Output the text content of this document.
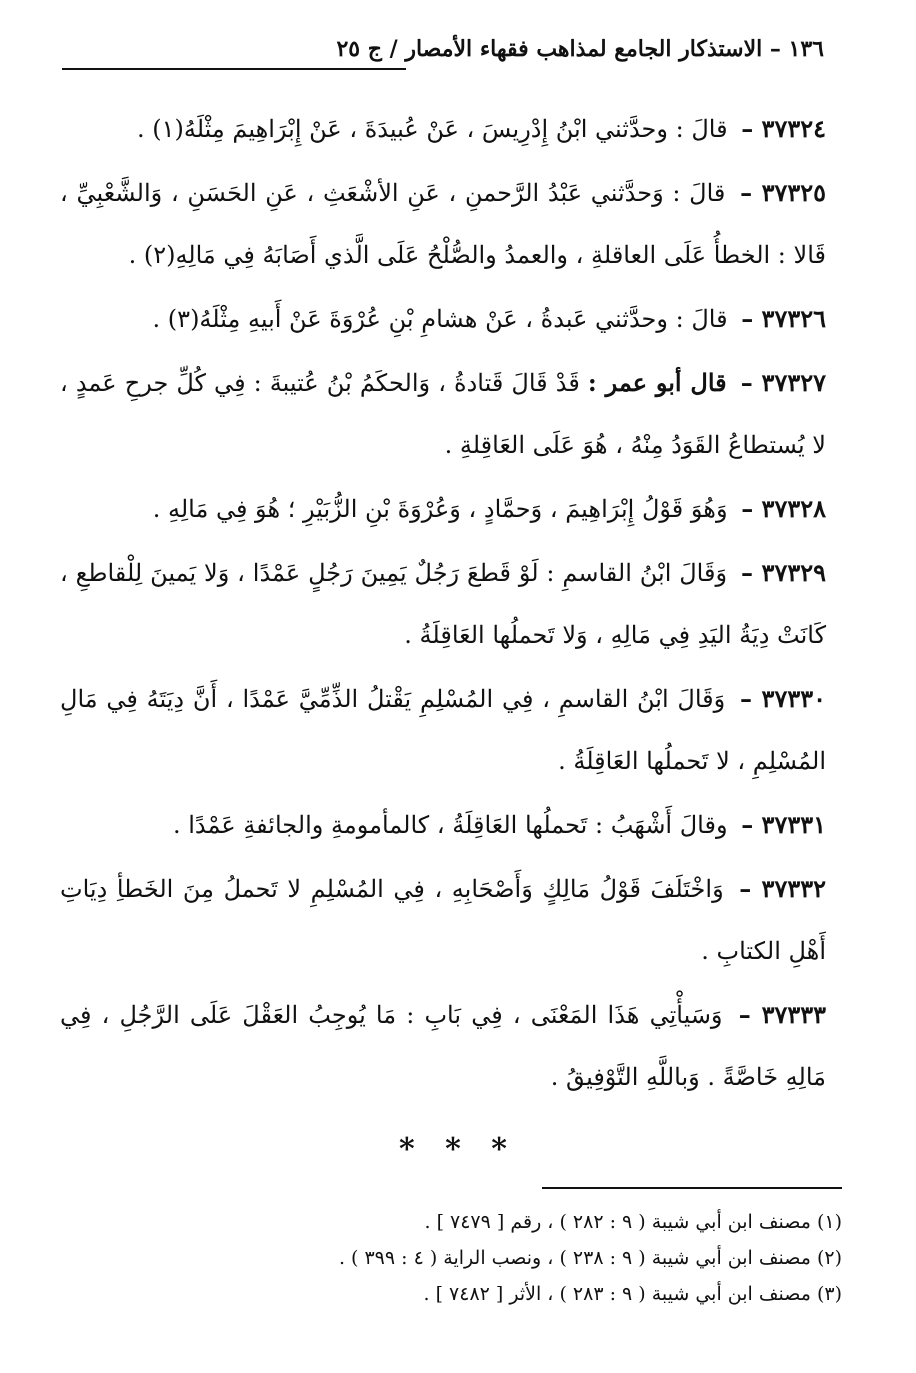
١٣٦ – الاستذكار الجامع لمذاهب فقهاء الأمصار / ج ٢٥

٣٧٣٢٤ – قالَ : وحدَّثني ابْنُ إِدْرِيسَ ، عَنْ عُبيدَةَ ، عَنْ إِبْرَاهِيمَ مِثْلَهُ(١) .

٣٧٣٢٥ – قالَ : وَحدَّثني عَبْدُ الرَّحمنِ ، عَنِ الأشْعَثِ ، عَنِ الحَسَنِ ، وَالشَّعْبِيِّ ، قَالا : الخطأُ عَلَى العاقلةِ ، والعمدُ والصُّلْحُ عَلَى الَّذي أَصَابَهُ فِي مَالِهِ(٢) .

٣٧٣٢٦ – قالَ : وحدَّثني عَبدةُ ، عَنْ هشامِ بْنِ عُرْوَةَ عَنْ أَبيهِ مِثْلَهُ(٣) .

٣٧٣٢٧ – قال أبو عمر : قَدْ قَالَ قَتادةُ ، وَالحكَمُ بْنُ عُتيبةَ : فِي كُلِّ جرحِ عَمدٍ ، لا يُستطاعُ القَوَدُ مِنْهُ ، هُوَ عَلَى العَاقِلةِ .

٣٧٣٢٨ – وَهُوَ قَوْلُ إِبْرَاهِيمَ ، وَحمَّادٍ ، وَعُرْوَةَ بْنِ الزُّبَيْرِ ؛ هُوَ فِي مَالِهِ .

٣٧٣٢٩ – وَقَالَ ابْنُ القاسمِ : لَوْ قَطعَ رَجُلٌ يَمِينَ رَجُلٍ عَمْدًا ، وَلا يَمينَ لِلْقاطعِ ، كَانَتْ دِيَةُ اليَدِ فِي مَالِهِ ، وَلا تَحملُها العَاقِلَةُ .

٣٧٣٣٠ – وَقَالَ ابْنُ القاسمِ ، فِي المُسْلِمِ يَقْتلُ الذِّمِّيَّ عَمْدًا ، أَنَّ دِيَتَهُ فِي مَالِ المُسْلِمِ ، لا تَحملُها العَاقِلَةُ .

٣٧٣٣١ – وقالَ أَشْهَبُ : تَحملُها العَاقِلَةُ ، كالمأمومةِ والجائفةِ عَمْدًا .

٣٧٣٣٢ – وَاخْتَلَفَ قَوْلُ مَالِكٍ وَأَصْحَابِهِ ، فِي المُسْلِمِ لا تَحملُ مِنَ الخَطأِ دِيَاتِ أَهْلِ الكتابِ .

٣٧٣٣٣ – وَسَيأْتِي هَذَا المَعْنَى ، فِي بَابِ : مَا يُوجِبُ العَقْلَ عَلَى الرَّجُلِ ، فِي مَالِهِ خَاصَّةً . وَباللَّهِ التَّوْفِيقُ .

* * *

(١) مصنف ابن أبي شيبة ( ٩ : ٢٨٢ ) ، رقم [ ٧٤٧٩ ] .

(٢) مصنف ابن أبي شيبة ( ٩ : ٢٣٨ ) ، ونصب الراية ( ٤ : ٣٩٩ ) .

(٣) مصنف ابن أبي شيبة ( ٩ : ٢٨٣ ) ، الأثر [ ٧٤٨٢ ] .
